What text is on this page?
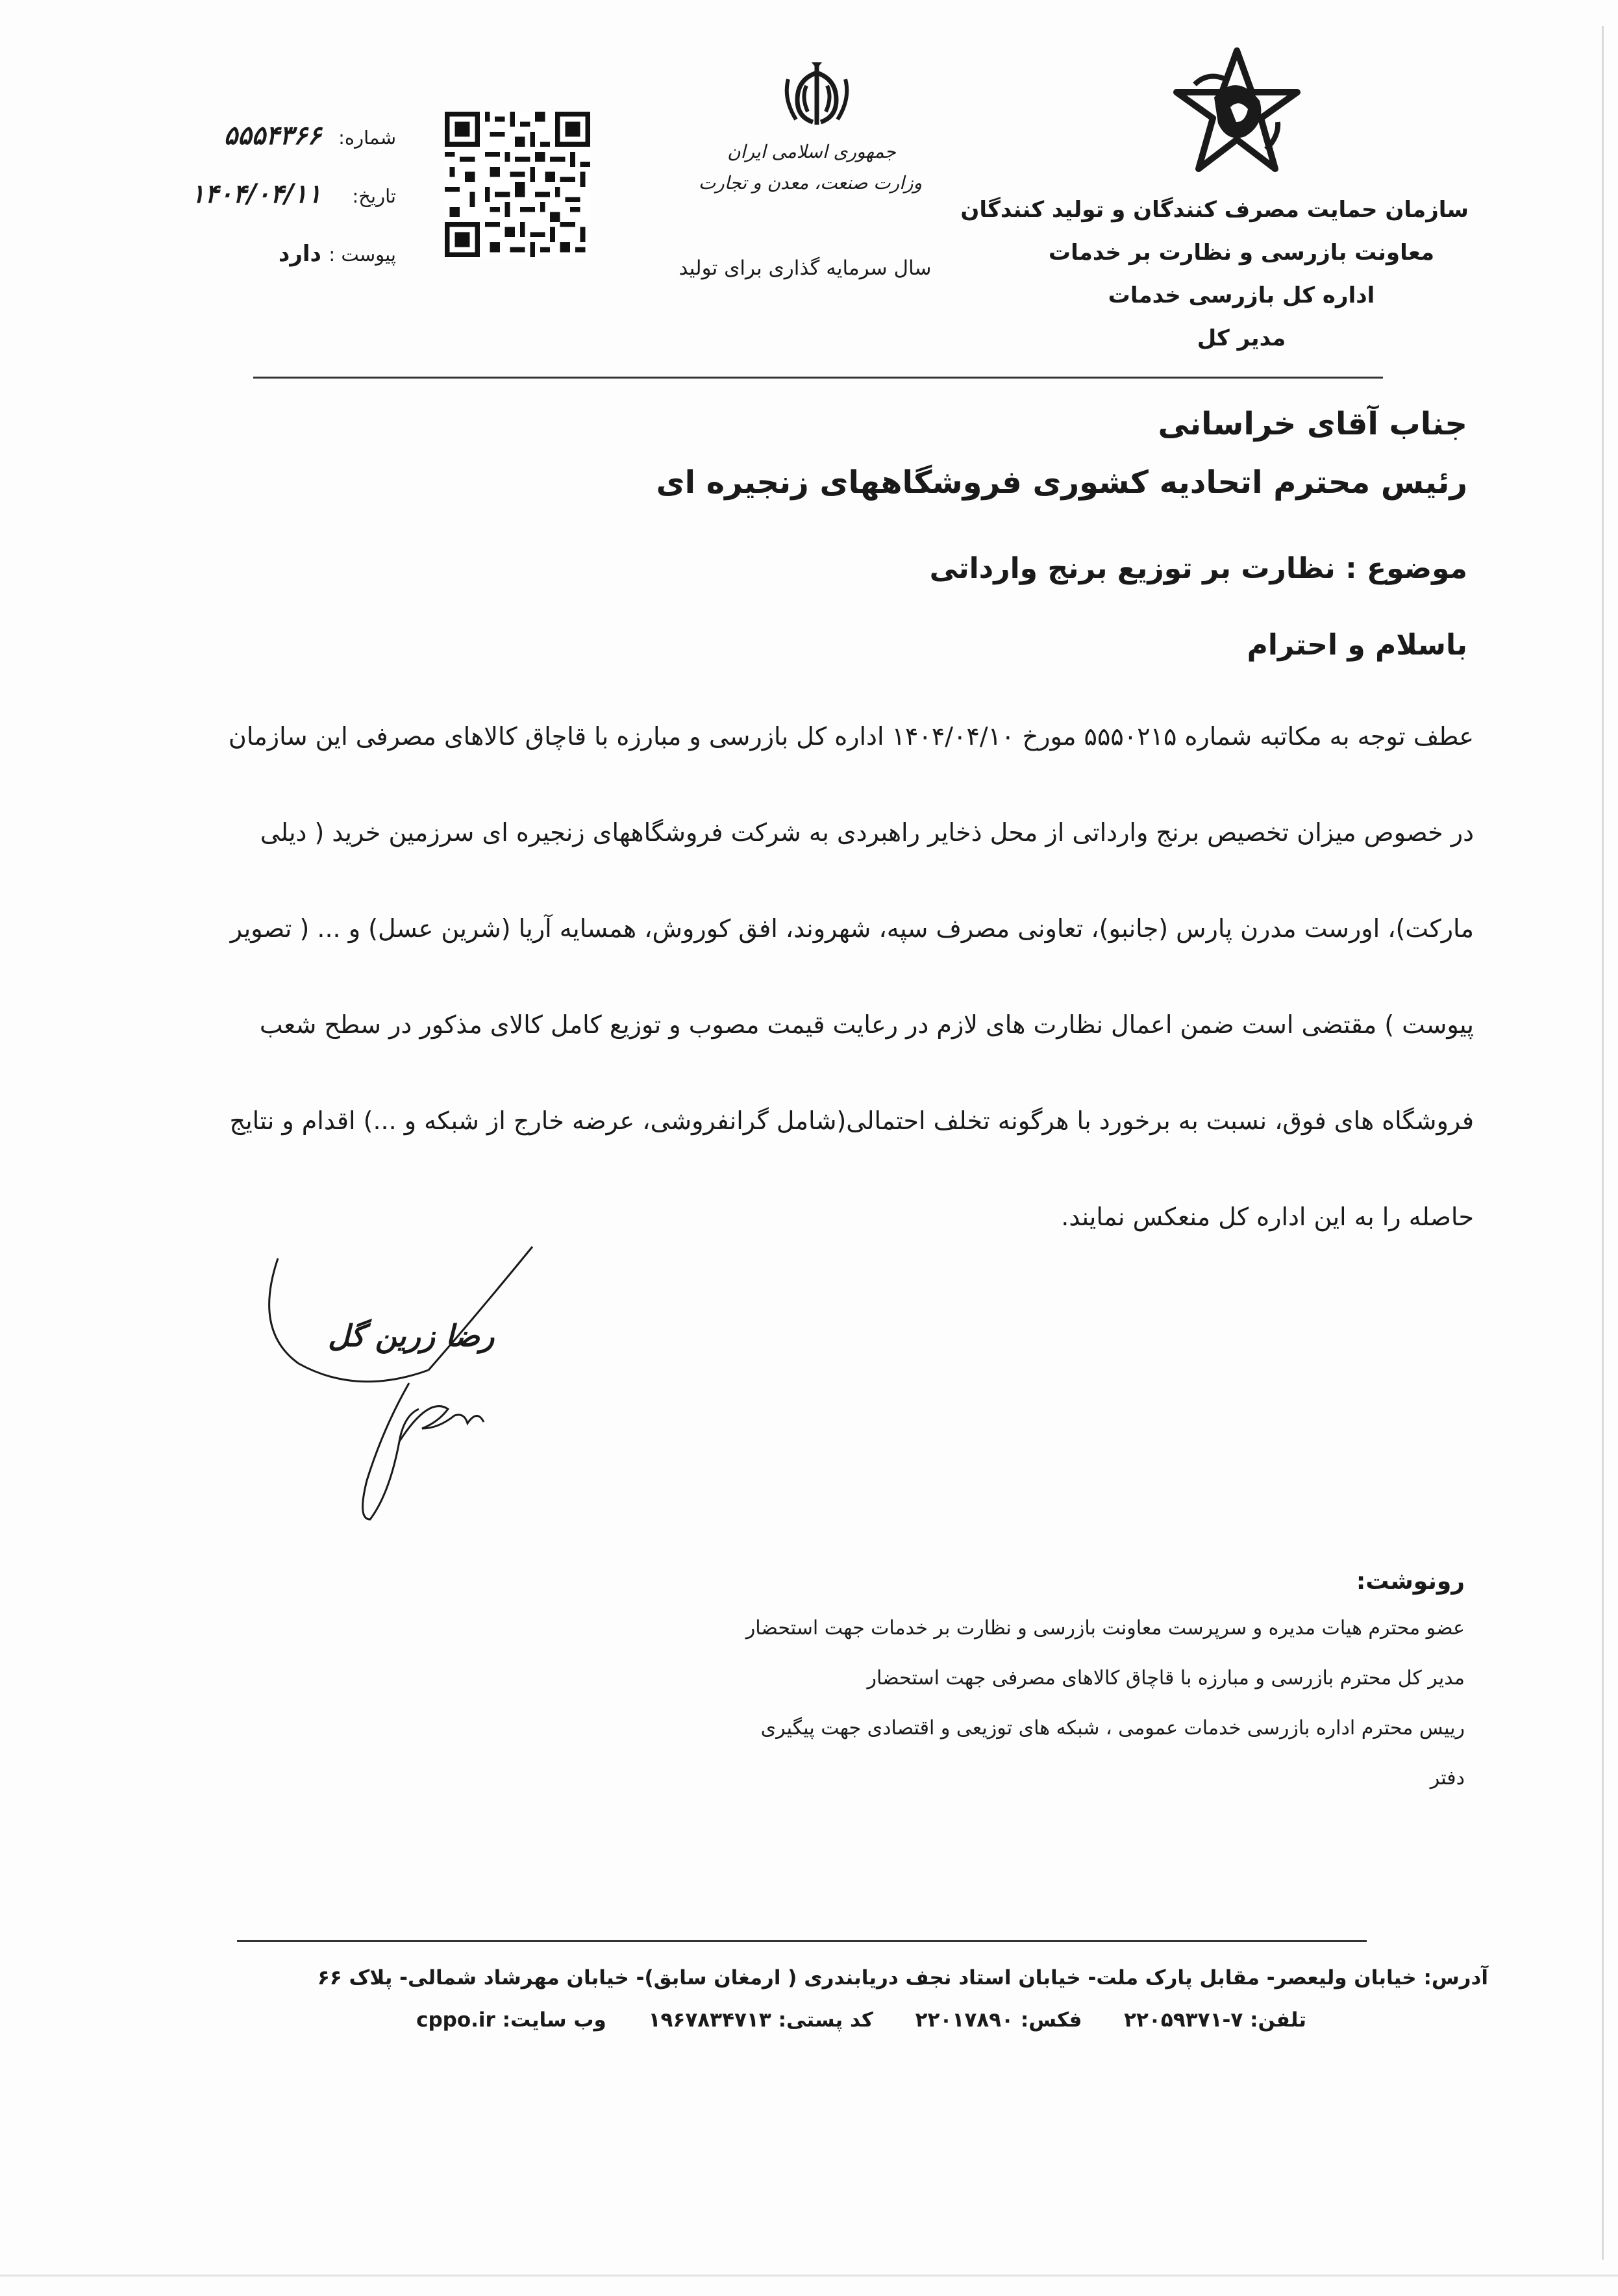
سازمان حمایت مصرف کنندگان و تولید کنندگان
معاونت بازرسی و نظارت بر خدمات
اداره کل بازرسی خدمات
مدیر کل
جمهوری اسلامی ایران
وزارت صنعت، معدن و تجارت
سال سرمایه گذاری برای تولید
شماره:
۵۵۵۴۳۶۶
تاریخ:
۱۴۰۴/۰۴/۱۱
پیوست :
دارد
جناب آقای خراسانی
رئیس محترم اتحادیه کشوری فروشگاههای زنجیره ای
موضوع : نظارت بر توزیع برنج وارداتی
باسلام و احترام
عطف توجه به مکاتبه شماره ۵۵۵۰۲۱۵ مورخ ۱۴۰۴/۰۴/۱۰ اداره کل بازرسی و مبارزه با قاچاق کالاهای مصرفی این سازمان
در خصوص میزان تخصیص برنج وارداتی از محل ذخایر راهبردی به شرکت فروشگاههای زنجیره ای سرزمین خرید ( دیلی
مارکت)، اورست مدرن پارس (جانبو)، تعاونی مصرف سپه، شهروند، افق کوروش، همسایه آریا (شرین عسل) و ... ( تصویر
پیوست ) مقتضی است ضمن اعمال نظارت های لازم در رعایت قیمت مصوب و توزیع کامل کالای مذکور در سطح شعب
فروشگاه های فوق، نسبت به برخورد با هرگونه تخلف احتمالی(شامل گرانفروشی، عرضه خارج از شبکه و ...) اقدام و نتایج
حاصله را به این اداره کل منعکس نمایند.
رضا زرین گل
رونوشت:
عضو محترم هیات مدیره و سرپرست معاونت بازرسی و نظارت بر خدمات جهت استحضار
مدیر کل محترم بازرسی و مبارزه با قاچاق کالاهای مصرفی جهت استحضار
رییس محترم اداره بازرسی خدمات عمومی ، شبکه های توزیعی و اقتصادی جهت پیگیری
دفتر
آدرس: خیابان ولیعصر- مقابل پارک ملت- خیابان استاد نجف دریابندری ( ارمغان سابق)- خیابان مهرشاد شمالی- پلاک ۶۶
تلفن: ۷-۲۲۰۵۹۳۷۱      فکس: ۲۲۰۱۷۸۹۰      کد پستی: ۱۹۶۷۸۳۴۷۱۳      وب سایت: cppo.ir
